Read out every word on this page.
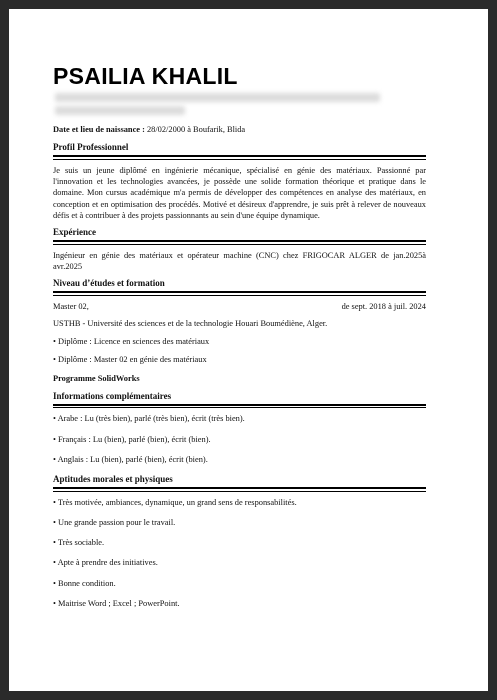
PSAILIA KHALIL

Date et lieu de naissance : 28/02/2000 à Boufarik, Blida

Profil Professionnel

Je suis un jeune diplômé en ingénierie mécanique, spécialisé en génie des matériaux. Passionné par l'innovation et les technologies avancées, je possède une solide formation théorique et pratique dans le domaine. Mon cursus académique m'a permis de développer des compétences en analyse des matériaux, en conception et en optimisation des procédés. Motivé et désireux d'apprendre, je suis prêt à relever de nouveaux défis et à contribuer à des projets passionnants au sein d'une équipe dynamique.

Expérience

Ingénieur en génie des matériaux et opérateur machine (CNC) chez FRIGOCAR ALGER de jan.2025à avr.2025

Niveau d’études et formation
Master 02,	de sept. 2018 à juil. 2024
USTHB - Université des sciences et de la technologie Houari Boumédiène, Alger.
• Diplôme : Licence en sciences des matériaux
• Diplôme : Master 02 en génie des matériaux
Programme SolidWorks
Informations complémentaires
• Arabe : Lu (très bien), parlé (très bien), écrit (très bien).
• Français : Lu (bien), parlé (bien), écrit (bien).
• Anglais : Lu (bien), parlé (bien), écrit (bien).
Aptitudes morales et physiques
• Très motivée, ambiances, dynamique, un grand sens de responsabilités.
• Une grande passion pour le travail.
• Très sociable.
• Apte à prendre des initiatives.
• Bonne condition.
• Maitrise Word ; Excel ; PowerPoint.
